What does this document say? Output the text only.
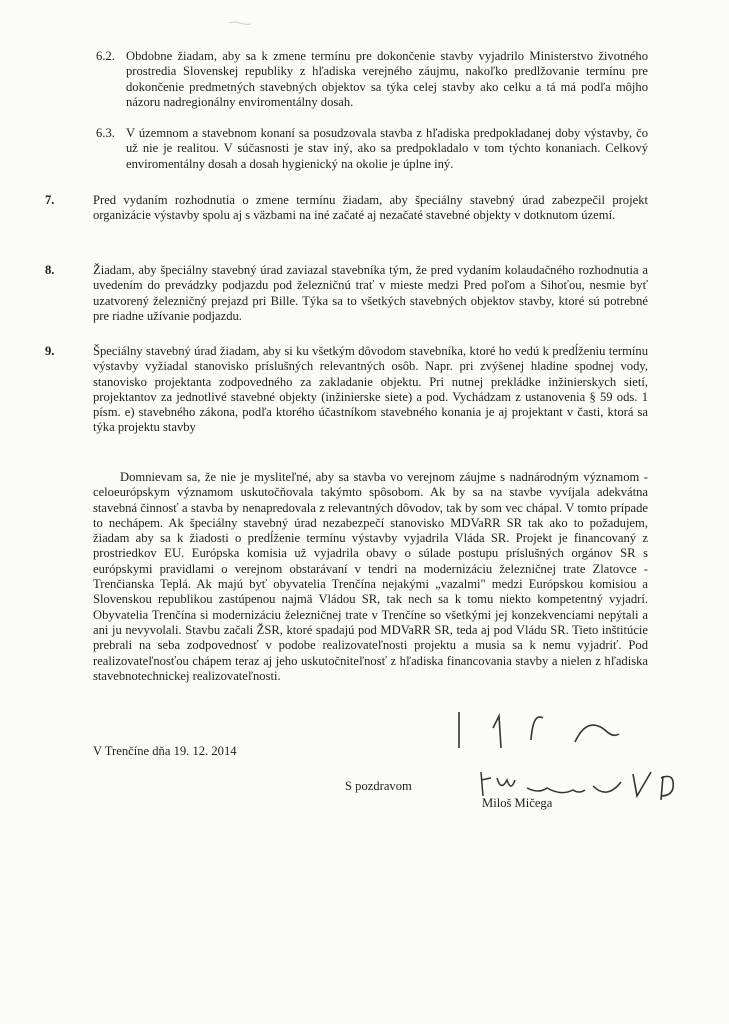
6.2. Obdobne žiadam, aby sa k zmene termínu pre dokončenie stavby vyjadrilo Ministerstvo životného prostredia Slovenskej republiky z hľadiska verejného záujmu, nakoľko predlžovanie termínu pre dokončenie predmetných stavebných objektov sa týka celej stavby ako celku a tá má podľa môjho názoru nadregionálny enviromentálny dosah.

6.3. V územnom a stavebnom konaní sa posudzovala stavba z hľadiska predpokladanej doby výstavby, čo už nie je realitou. V súčasnosti je stav iný, ako sa predpokladalo v tom týchto konaniach. Celkový enviromentálny dosah a dosah hygienický na okolie je úplne iný.

7.	Pred vydaním rozhodnutia o zmene termínu žiadam, aby špeciálny stavebný úrad zabezpečil projekt organizácie výstavby spolu aj s väzbami na iné začaté aj nezačaté stavebné objekty v dotknutom území.

8.	Žiadam, aby špeciálny stavebný úrad zaviazal stavebníka tým, že pred vydaním kolaudačného rozhodnutia a uvedením do prevádzky podjazdu pod železničnú trať v mieste medzi Pred poľom a Sihoťou, nesmie byť uzatvorený železničný prejazd pri Bille. Týka sa to všetkých stavebných objektov stavby, ktoré sú potrebné pre riadne užívanie podjazdu.

9.	Špeciálny stavebný úrad žiadam, aby si ku všetkým dôvodom stavebníka, ktoré ho vedú k predĺženiu termínu výstavby vyžiadal stanovisko príslušných relevantných osôb. Napr. pri zvýšenej hladine spodnej vody, stanovisko projektanta zodpovedného za zakladanie objektu. Pri nutnej prekládke inžinierskych sietí, projektantov za jednotlivé stavebné objekty (inžinierske siete) a pod. Vychádzam z ustanovenia § 59 ods. 1 písm. e) stavebného zákona, podľa ktorého účastníkom stavebného konania je aj projektant v časti, ktorá sa týka projektu stavby

Domnievam sa, že nie je mysliteľné, aby sa stavba vo verejnom záujme s nadnárodným významom - celoeurópskym významom uskutočňovala takýmto spôsobom. Ak by sa na stavbe vyvíjala adekvátna stavebná činnosť a stavba by nenapredovala z relevantných dôvodov, tak by som vec chápal. V tomto prípade to nechápem. Ak špeciálny stavebný úrad nezabezpečí stanovisko MDVaRR SR tak ako to požadujem, žiadam aby sa k žiadosti o predĺženie termínu výstavby vyjadrila Vláda SR. Projekt je financovaný z prostriedkov EU. Európska komisia už vyjadrila obavy o súlade postupu príslušných orgánov SR s európskymi pravidlami o verejnom obstarávaní v tendri na modernizáciu železničnej trate Zlatovce - Trenčianska Teplá. Ak majú byť obyvatelia Trenčína nejakými „vazalmi" medzi Európskou komisiou a Slovenskou republikou zastúpenou najmä Vládou SR, tak nech sa k tomu niekto kompetentný vyjadrí. Obyvatelia Trenčína si modernizáciu železničnej trate v Trenčíne so všetkými jej konzekvenciami nepýtali a ani ju nevyvolali. Stavbu začali ŽSR, ktoré spadajú pod MDVaRR SR, teda aj pod Vládu SR. Tieto inštitúcie prebrali na seba zodpovednosť v podobe realizovateľnosti projektu a musia sa k nemu vyjadriť. Pod realizovateľnosťou chápem teraz aj jeho uskutočniteľnosť z hľadiska financovania stavby a nielen z hľadiska stavebnotechnickej realizovateľnosti.

V Trenčíne dňa 19. 12. 2014
S pozdravom
Miloš Mičega
